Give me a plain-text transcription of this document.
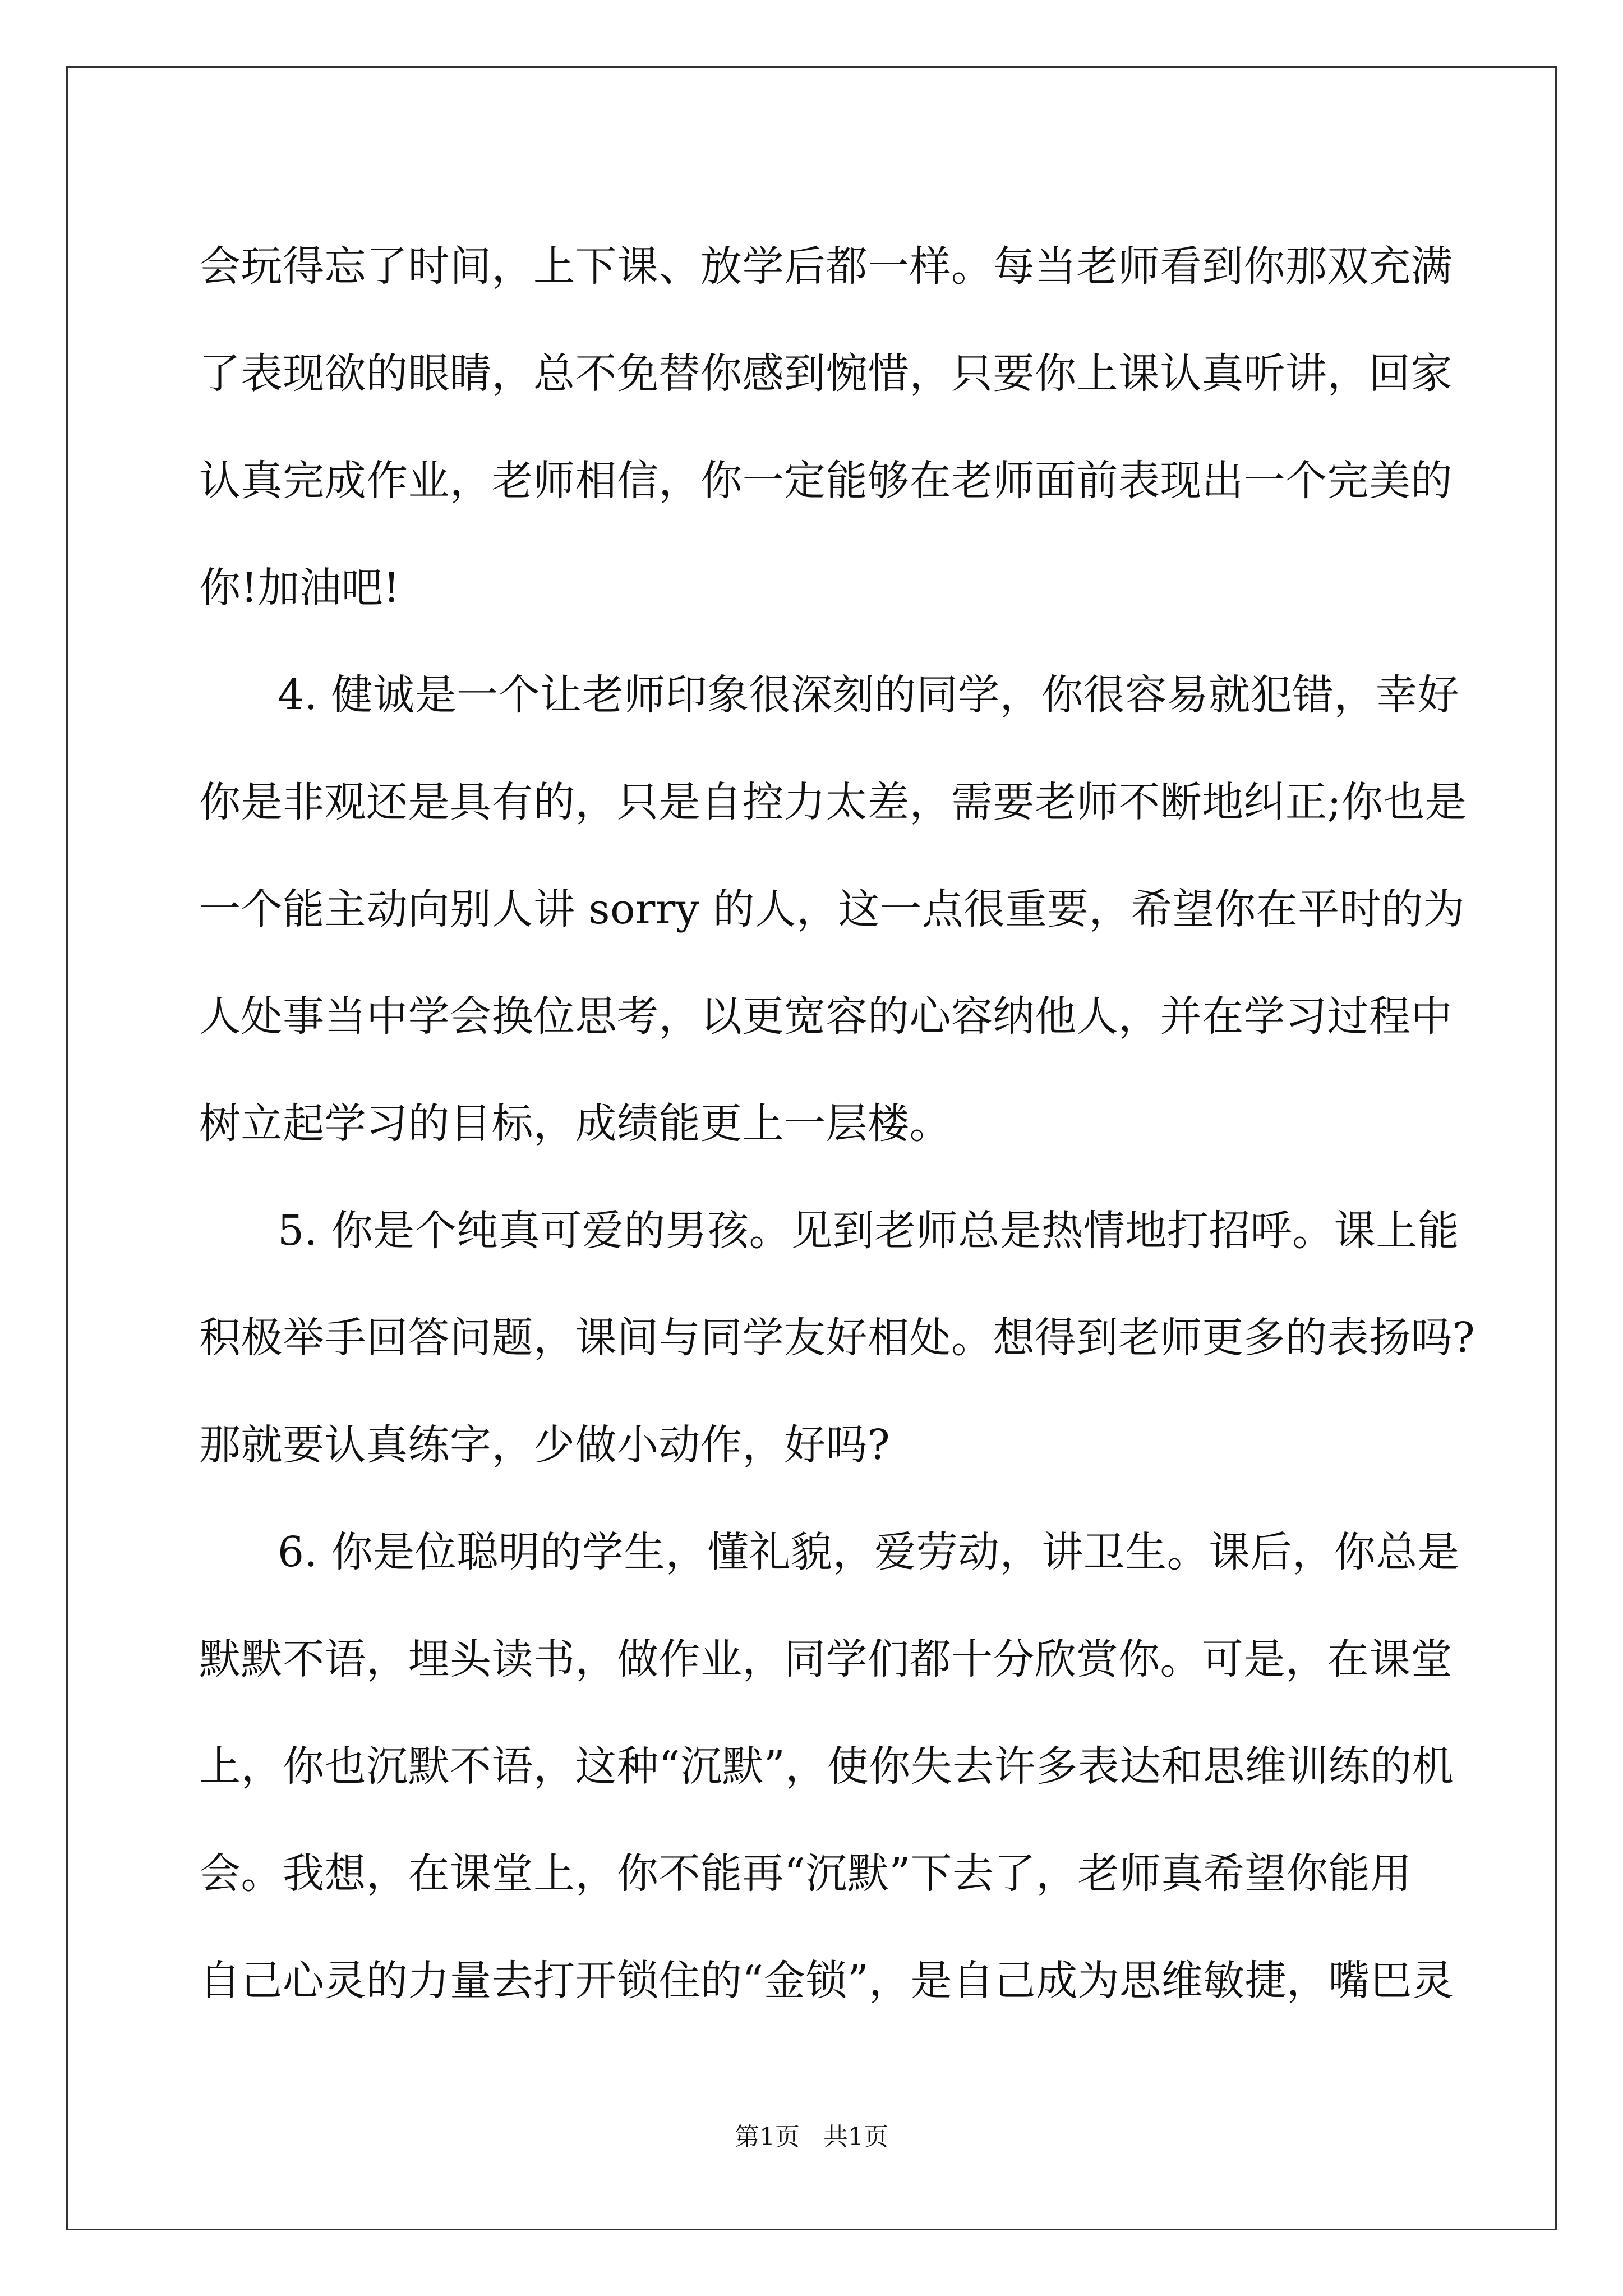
会玩得忘了时间，上下课、放学后都一样。每当老师看到你那双充满
了表现欲的眼睛，总不免替你感到惋惜，只要你上课认真听讲，回家
认真完成作业，老师相信，你一定能够在老师面前表现出一个完美的
你!加油吧!
4. 健诚是一个让老师印象很深刻的同学，你很容易就犯错，幸好
你是非观还是具有的，只是自控力太差，需要老师不断地纠正;你也是
一个能主动向别人讲 sorry 的人，这一点很重要，希望你在平时的为
人处事当中学会换位思考，以更宽容的心容纳他人，并在学习过程中
树立起学习的目标，成绩能更上一层楼。
5. 你是个纯真可爱的男孩。见到老师总是热情地打招呼。课上能
积极举手回答问题，课间与同学友好相处。想得到老师更多的表扬吗?
那就要认真练字，少做小动作，好吗?
6. 你是位聪明的学生，懂礼貌，爱劳动，讲卫生。课后，你总是
默默不语，埋头读书，做作业，同学们都十分欣赏你。可是，在课堂
上，你也沉默不语，这种“沉默”，使你失去许多表达和思维训练的机
会。我想，在课堂上，你不能再“沉默”下去了，老师真希望你能用
自己心灵的力量去打开锁住的“金锁”，是自己成为思维敏捷，嘴巴灵
第1页   共1页
